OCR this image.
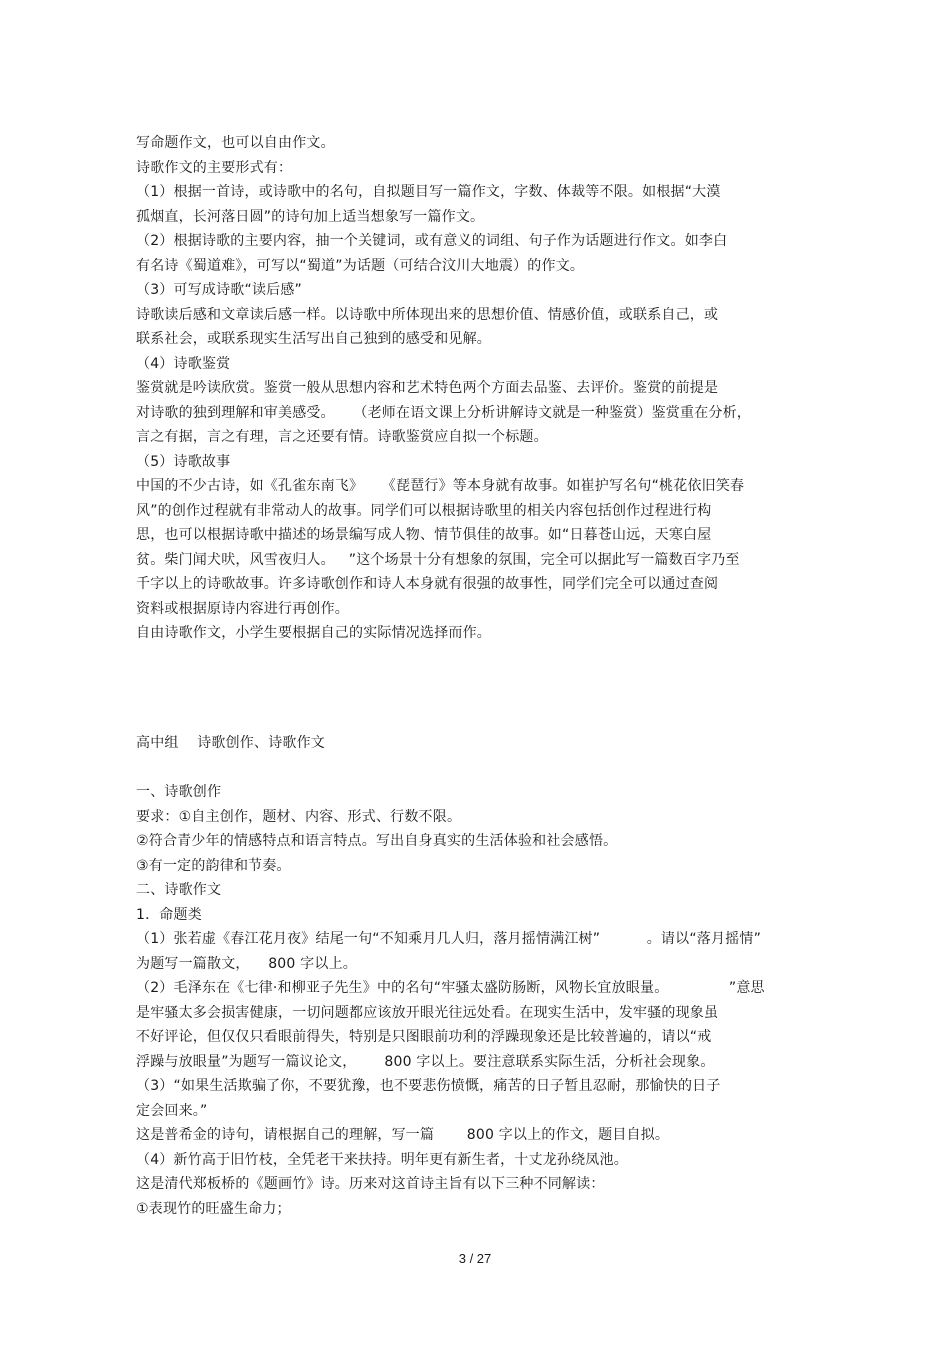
写命题作文，也可以自由作文。
诗歌作文的主要形式有：
（1）根据一首诗，或诗歌中的名句，自拟题目写一篇作文，字数、体裁等不限。如根据“大漠
孤烟直，长河落日圆”的诗句加上适当想象写一篇作文。
（2）根据诗歌的主要内容，抽一个关键词，或有意义的词组、句子作为话题进行作文。如李白
有名诗《蜀道难》，可写以“蜀道”为话题（可结合汶川大地震）的作文。
（3）可写成诗歌“读后感”
诗歌读后感和文章读后感一样。以诗歌中所体现出来的思想价值、情感价值，或联系自己，或
联系社会，或联系现实生活写出自己独到的感受和见解。
（4）诗歌鉴赏
鉴赏就是吟读欣赏。鉴赏一般从思想内容和艺术特色两个方面去品鉴、去评价。鉴赏的前提是
对诗歌的独到理解和审美感受。    （老师在语文课上分析讲解诗文就是一种鉴赏）鉴赏重在分析，
言之有据，言之有理，言之还要有情。诗歌鉴赏应自拟一个标题。
（5）诗歌故事
中国的不少古诗，如《孔雀东南飞》    《琵琶行》等本身就有故事。如崔护写名句“桃花依旧笑春
风”的创作过程就有非常动人的故事。同学们可以根据诗歌里的相关内容包括创作过程进行构
思，也可以根据诗歌中描述的场景编写成人物、情节俱佳的故事。如“日暮苍山远，天寒白屋
贫。柴门闻犬吠，风雪夜归人。   ”这个场景十分有想象的氛围，完全可以据此写一篇数百字乃至
千字以上的诗歌故事。许多诗歌创作和诗人本身就有很强的故事性，同学们完全可以通过查阅
资料或根据原诗内容进行再创作。
自由诗歌作文，小学生要根据自己的实际情况选择而作。
高中组    诗歌创作、诗歌作文
一、诗歌创作
要求：①自主创作，题材、内容、形式、行数不限。
②符合青少年的情感特点和语言特点。写出自身真实的生活体验和社会感悟。
③有一定的韵律和节奏。
二、诗歌作文
1．命题类
（1）张若虚《春江花月夜》结尾一句“不知乘月几人归，落月摇情满江树”          。请以“落月摇情”
为题写一篇散文，    800 字以上。
（2）毛泽东在《七律·和柳亚子先生》中的名句“牢骚太盛防肠断，风物长宜放眼量。             ”意思
是牢骚太多会损害健康，一切问题都应该放开眼光往远处看。在现实生活中，发牢骚的现象虽
不好评论，但仅仅只看眼前得失，特别是只图眼前功利的浮躁现象还是比较普遍的，请以“戒
浮躁与放眼量”为题写一篇议论文，      800 字以上。要注意联系实际生活，分析社会现象。
（3）“如果生活欺骗了你，不要犹豫，也不要悲伤愤慨，痛苦的日子暂且忍耐，那愉快的日子
定会回来。”
这是普希金的诗句，请根据自己的理解，写一篇       800 字以上的作文，题目自拟。
（4）新竹高于旧竹枝，全凭老干来扶持。明年更有新生者，十丈龙孙绕凤池。
这是清代郑板桥的《题画竹》诗。历来对这首诗主旨有以下三种不同解读：
①表现竹的旺盛生命力；
3 / 27
